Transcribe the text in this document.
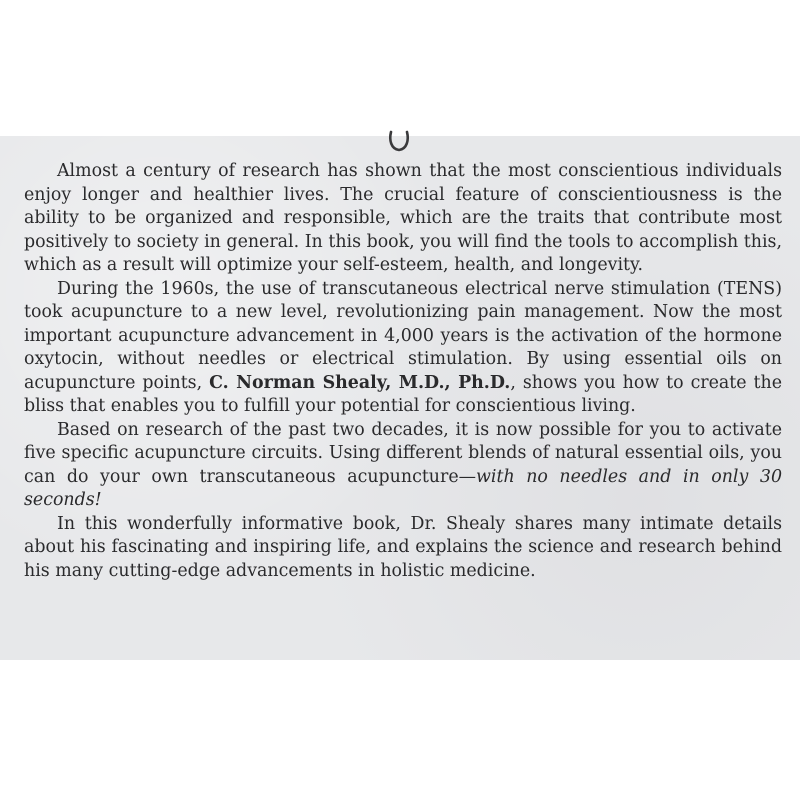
Almost a century of research has shown that the most conscientious individuals enjoy longer and healthier lives. The crucial feature of conscientiousness is the ability to be organized and responsible, which are the traits that contribute most positively to society in general. In this book, you will find the tools to accomplish this, which as a result will optimize your self-esteem, health, and longevity.

During the 1960s, the use of transcutaneous electrical nerve stimulation (TENS) took acupuncture to a new level, revolutionizing pain management. Now the most important acupuncture advancement in 4,000 years is the activation of the hormone oxytocin, without needles or electrical stimulation. By using essential oils on acupuncture points, C. Norman Shealy, M.D., Ph.D., shows you how to create the bliss that enables you to fulfill your potential for conscientious living.

Based on research of the past two decades, it is now possible for you to activate five specific acupuncture circuits. Using different blends of natural essential oils, you can do your own transcutaneous acupuncture—with no needles and in only 30 seconds!

In this wonderfully informative book, Dr. Shealy shares many intimate details about his fascinating and inspiring life, and explains the science and research behind his many cutting-edge advancements in holistic medicine.
